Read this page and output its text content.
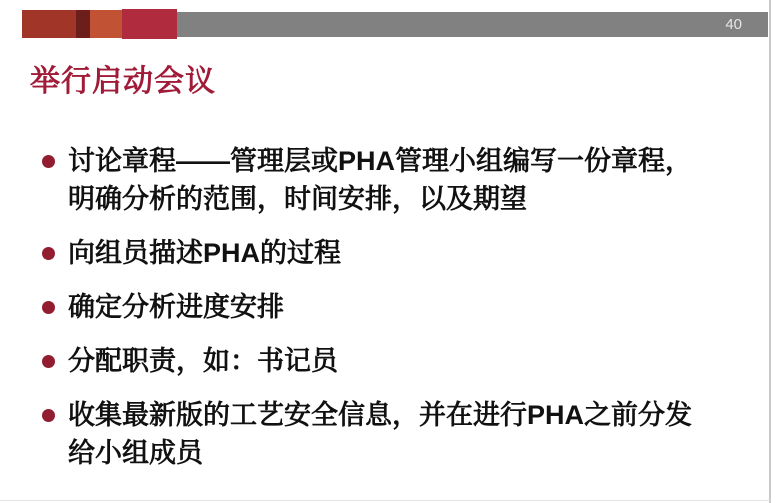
40
举行启动会议
讨论章程——管理层或PHA管理小组编写一份章程，明确分析的范围，时间安排，以及期望
向组员描述PHA的过程
确定分析进度安排
分配职责，如：书记员
收集最新版的工艺安全信息，并在进行PHA之前分发给小组成员
